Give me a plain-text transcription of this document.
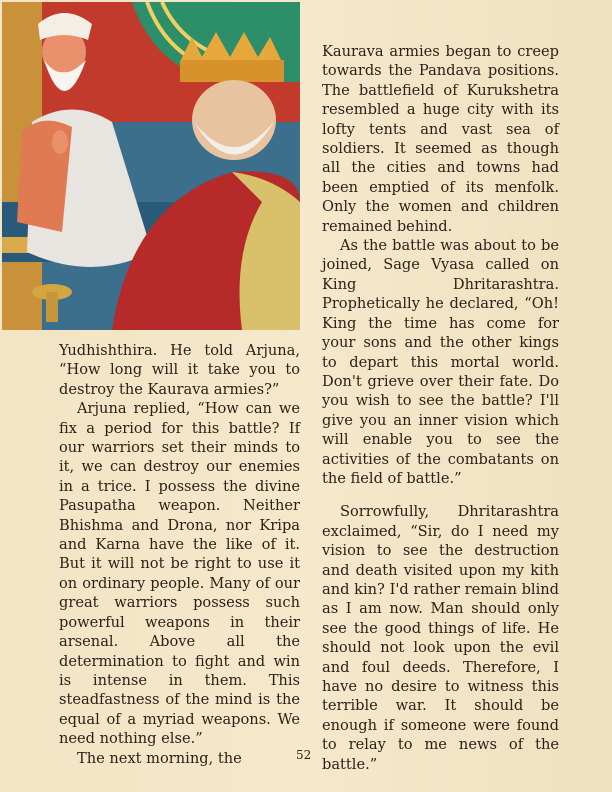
Yudhishthira. He told Arjuna, “How long will it take you to destroy the Kaurava armies?”

Arjuna replied, “How can we fix a period for this battle? If our warriors set their minds to it, we can destroy our enemies in a trice. I possess the divine Pasupatha weapon. Neither Bhishma and Drona, nor Kripa and Karna have the like of it. But it will not be right to use it on ordinary people. Many of our great warriors possess such powerful weapons in their arsenal. Above all the determination to fight and win is intense in them. This steadfastness of the mind is the equal of a myriad weapons. We need nothing else.”

The next morning, the

Kaurava armies began to creep towards the Pandava positions. The battlefield of Kurukshetra resembled a huge city with its lofty tents and vast sea of soldiers. It seemed as though all the cities and towns had been emptied of its menfolk. Only the women and children remained behind.

As the battle was about to be joined, Sage Vyasa called on King Dhritarashtra. Prophetically he declared, “Oh! King the time has come for your sons and the other kings to depart this mortal world. Don't grieve over their fate. Do you wish to see the battle? I'll give you an inner vision which will enable you to see the activities of the combatants on the field of battle.”

Sorrowfully, Dhritarashtra exclaimed, “Sir, do I need my vision to see the destruction and death visited upon my kith and kin? I'd rather remain blind as I am now. Man should only see the good things of life. He should not look upon the evil and foul deeds. Therefore, I have no desire to witness this terrible war. It should be enough if someone were found to relay to me news of the battle.”

52
